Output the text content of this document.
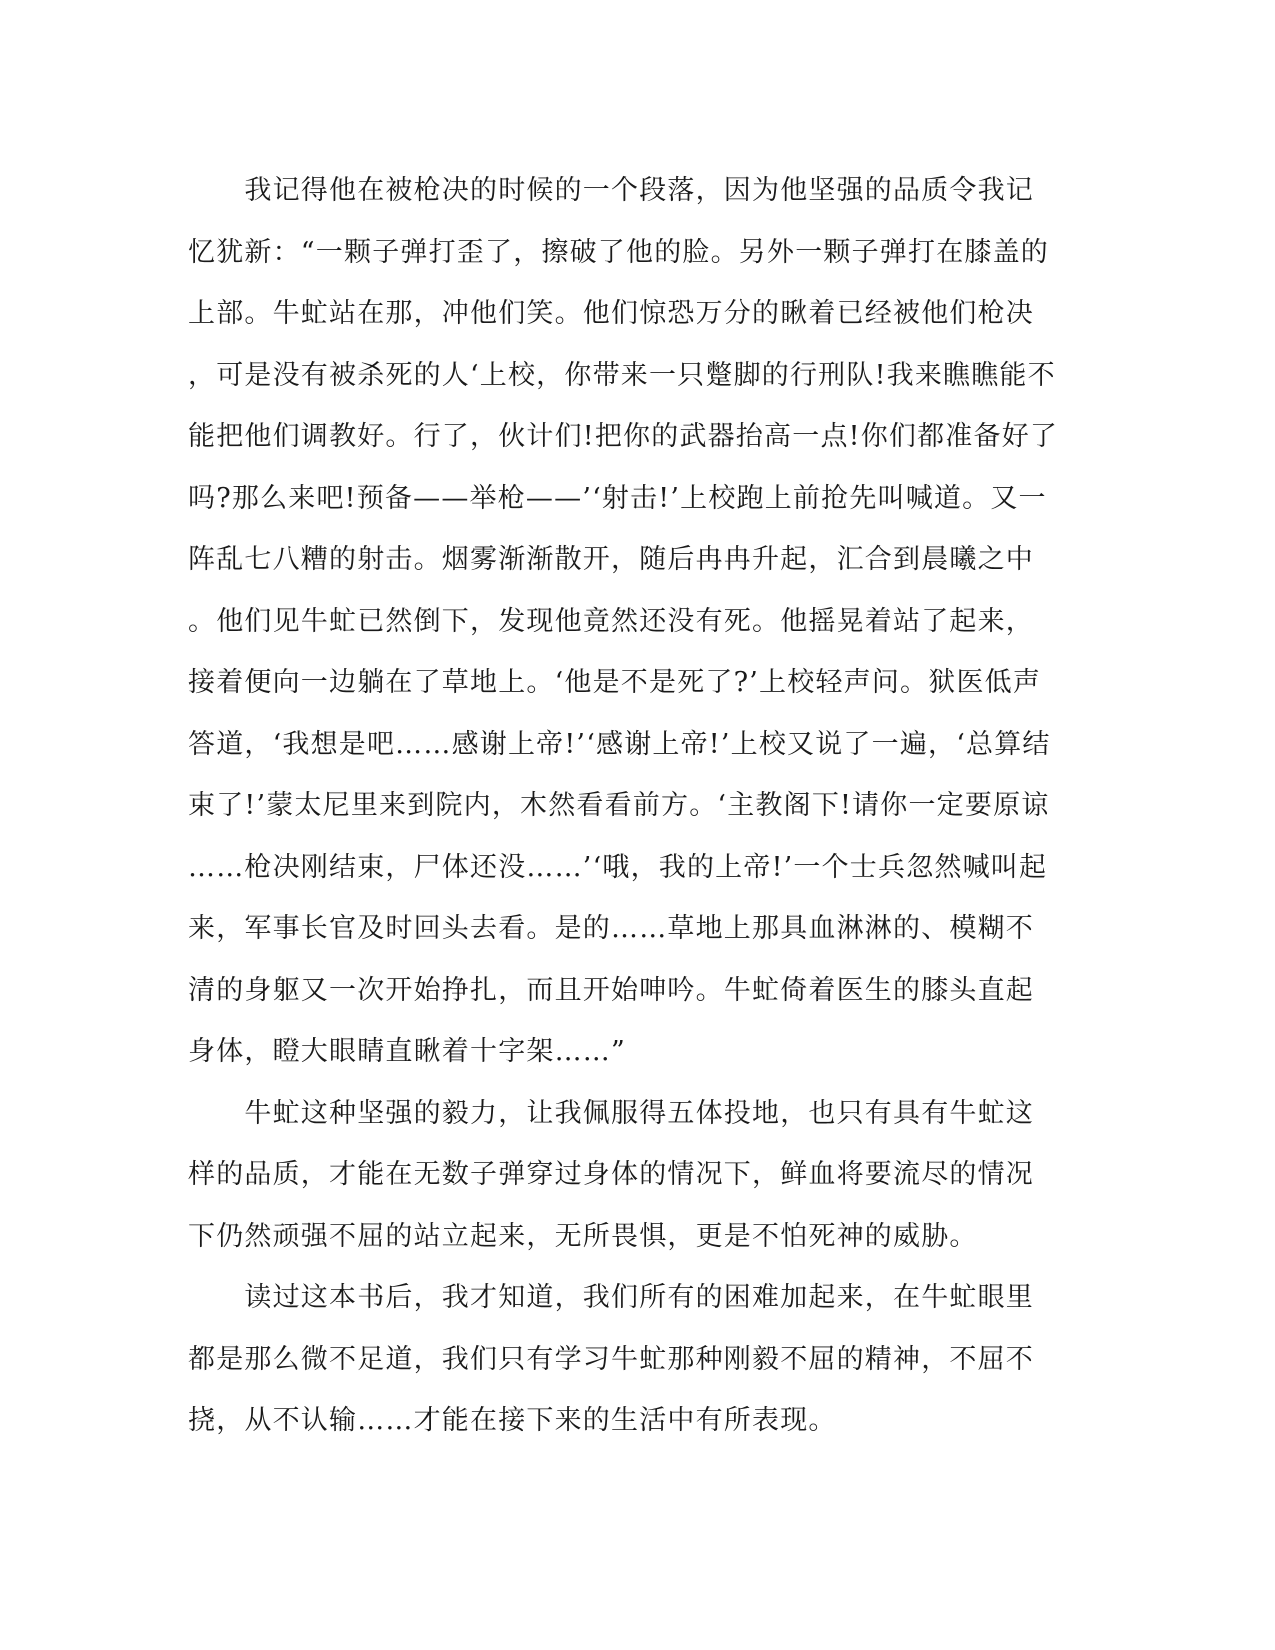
　　我记得他在被枪决的时候的一个段落，因为他坚强的品质令我记
忆犹新：“一颗子弹打歪了，擦破了他的脸。另外一颗子弹打在膝盖的
上部。牛虻站在那，冲他们笑。他们惊恐万分的瞅着已经被他们枪决
，可是没有被杀死的人‘上校，你带来一只蹩脚的行刑队!我来瞧瞧能不
能把他们调教好。行了，伙计们!把你的武器抬高一点!你们都准备好了
吗?那么来吧!预备——举枪——’‘射击!’上校跑上前抢先叫喊道。又一
阵乱七八糟的射击。烟雾渐渐散开，随后冉冉升起，汇合到晨曦之中
。他们见牛虻已然倒下，发现他竟然还没有死。他摇晃着站了起来，
接着便向一边躺在了草地上。‘他是不是死了?’上校轻声问。狱医低声
答道，‘我想是吧……感谢上帝!’‘感谢上帝!’上校又说了一遍，‘总算结
束了!’蒙太尼里来到院内，木然看看前方。‘主教阁下!请你一定要原谅
……枪决刚结束，尸体还没……’‘哦，我的上帝!’一个士兵忽然喊叫起
来，军事长官及时回头去看。是的……草地上那具血淋淋的、模糊不
清的身躯又一次开始挣扎，而且开始呻吟。牛虻倚着医生的膝头直起
身体，瞪大眼睛直瞅着十字架……”
　　牛虻这种坚强的毅力，让我佩服得五体投地，也只有具有牛虻这
样的品质，才能在无数子弹穿过身体的情况下，鲜血将要流尽的情况
下仍然顽强不屈的站立起来，无所畏惧，更是不怕死神的威胁。
　　读过这本书后，我才知道，我们所有的困难加起来，在牛虻眼里
都是那么微不足道，我们只有学习牛虻那种刚毅不屈的精神，不屈不
挠，从不认输……才能在接下来的生活中有所表现。
